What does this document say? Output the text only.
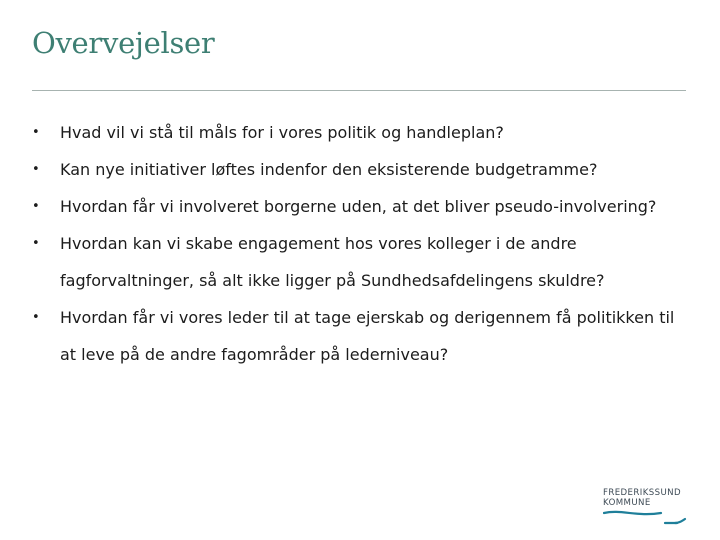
Overvejelser
• Hvad vil vi stå til måls for i vores politik og handleplan?
• Kan nye initiativer løftes indenfor den eksisterende budgetramme?
• Hvordan får vi involveret borgerne uden, at det bliver pseudo-involvering?
• Hvordan kan vi skabe engagement hos vores kolleger i de andre fagforvaltninger, så alt ikke ligger på Sundhedsafdelingens skuldre?
• Hvordan får vi vores leder til at tage ejerskab og derigennem få politikken til at leve på de andre fagområder på lederniveau?
FREDERIKSSUND
KOMMUNE
